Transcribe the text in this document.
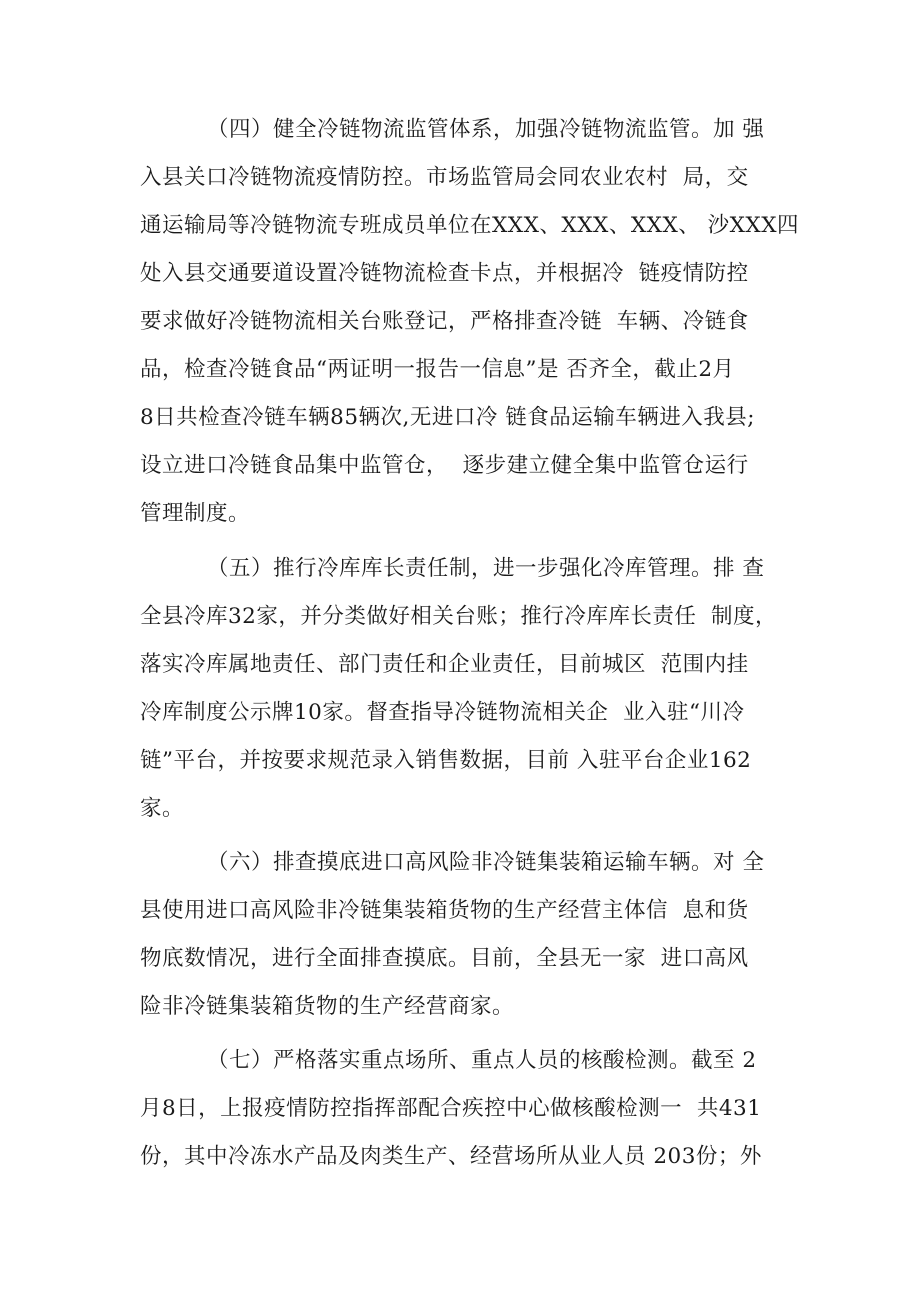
（四）健全冷链物流监管体系，加强冷链物流监管。加 强
入县关口冷链物流疫情防控。市场监管局会同农业农村  局，交
通运输局等冷链物流专班成员单位在XXX、XXX、XXX、 沙XXX四
处入县交通要道设置冷链物流检查卡点，并根据冷  链疫情防控
要求做好冷链物流相关台账登记，严格排查冷链  车辆、冷链食
品，检查冷链食品“两证明一报告一信息”是 否齐全，截止2月
8日共检查冷链车辆85辆次,无进口冷 链食品运输车辆进入我县;
设立进口冷链食品集中监管仓，  逐步建立健全集中监管仓运行
管理制度。
（五）推行冷库库长责任制，进一步强化冷库管理。排 查
全县冷库32家，并分类做好相关台账；推行冷库库长责任  制度，
落实冷库属地责任、部门责任和企业责任，目前城区  范围内挂
冷库制度公示牌10家。督查指导冷链物流相关企  业入驻“川冷
链”平台，并按要求规范录入销售数据，目前 入驻平台企业162
家。
（六）排查摸底进口高风险非冷链集装箱运输车辆。对 全
县使用进口高风险非冷链集装箱货物的生产经营主体信  息和货
物底数情况，进行全面排查摸底。目前，全县无一家  进口高风
险非冷链集装箱货物的生产经营商家。
（七）严格落实重点场所、重点人员的核酸检测。截至 2
月8日，上报疫情防控指挥部配合疾控中心做核酸检测一  共431
份，其中冷冻水产品及肉类生产、经营场所从业人员 203份；外
